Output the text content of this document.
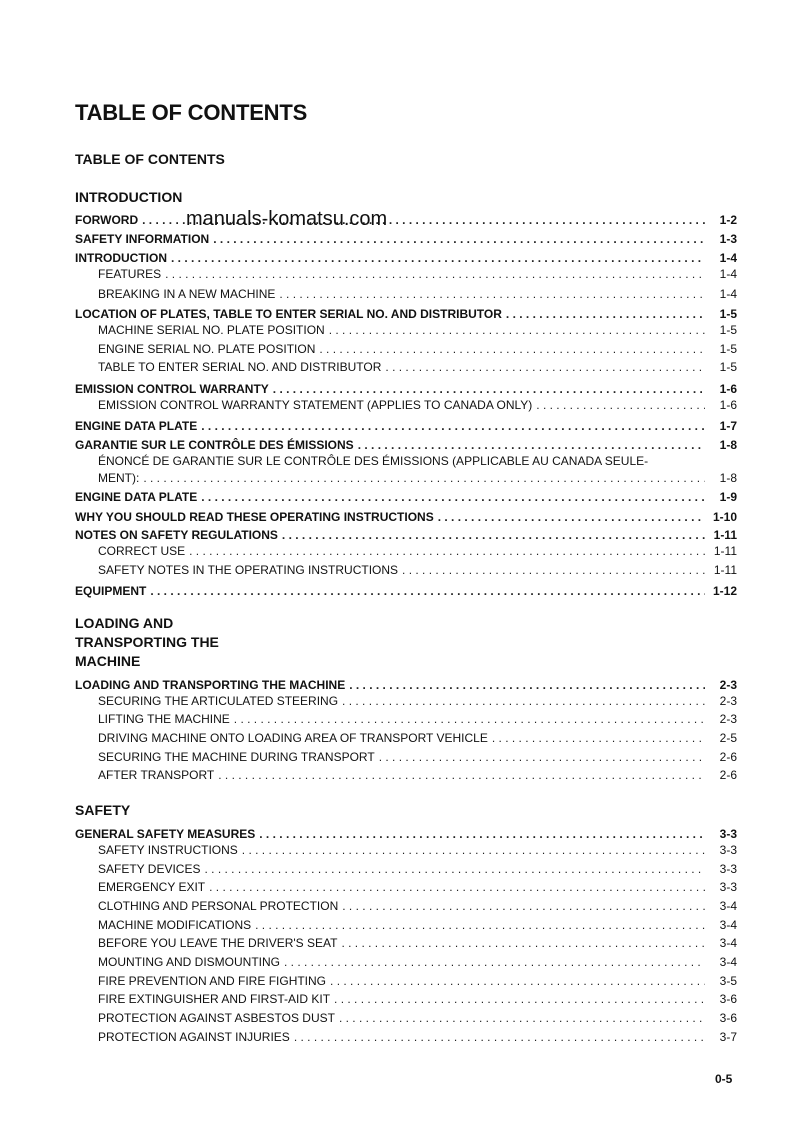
TABLE OF CONTENTS
TABLE OF CONTENTS
INTRODUCTION
FORWORD . . .	1-2
manuals-komatsu.com
SAFETY INFORMATION . . .	1-3
INTRODUCTION . . .	1-4
FEATURES . . .	1-4
BREAKING IN A NEW MACHINE . . .	1-4
LOCATION OF PLATES, TABLE TO ENTER SERIAL NO. AND DISTRIBUTOR . . .	1-5
MACHINE SERIAL NO. PLATE POSITION . . .	1-5
ENGINE SERIAL NO. PLATE POSITION . . .	1-5
TABLE TO ENTER SERIAL NO. AND DISTRIBUTOR . . .	1-5
EMISSION CONTROL WARRANTY . . .	1-6
EMISSION CONTROL WARRANTY STATEMENT (APPLIES TO CANADA ONLY) . . .	1-6
ENGINE DATA PLATE . . .	1-7
GARANTIE SUR LE CONTRÔLE DES ÉMISSIONS . . .	1-8
ÉNONCÉ DE GARANTIE SUR LE CONTRÔLE DES ÉMISSIONS (APPLICABLE AU CANADA SEULE-
MENT): . . .	1-8
ENGINE DATA PLATE . . .	1-9
WHY YOU SHOULD READ THESE OPERATING INSTRUCTIONS . . .	1-10
NOTES ON SAFETY REGULATIONS . . .	1-11
CORRECT USE . . .	1-11
SAFETY NOTES IN THE OPERATING INSTRUCTIONS . . .	1-11
EQUIPMENT . . .	1-12
LOADING AND
TRANSPORTING THE
MACHINE
LOADING AND TRANSPORTING THE MACHINE . . .	2-3
SECURING THE ARTICULATED STEERING . . .	2-3
LIFTING THE MACHINE . . .	2-3
DRIVING MACHINE ONTO LOADING AREA OF TRANSPORT VEHICLE . . .	2-5
SECURING THE MACHINE DURING TRANSPORT . . .	2-6
AFTER TRANSPORT . . .	2-6
SAFETY
GENERAL SAFETY MEASURES . . .	3-3
SAFETY INSTRUCTIONS . . .	3-3
SAFETY DEVICES . . .	3-3
EMERGENCY EXIT . . .	3-3
CLOTHING AND PERSONAL PROTECTION . . .	3-4
MACHINE MODIFICATIONS . . .	3-4
BEFORE YOU LEAVE THE DRIVER'S SEAT . . .	3-4
MOUNTING AND DISMOUNTING . . .	3-4
FIRE PREVENTION AND FIRE FIGHTING . . .	3-5
FIRE EXTINGUISHER AND FIRST-AID KIT . . .	3-6
PROTECTION AGAINST ASBESTOS DUST . . .	3-6
PROTECTION AGAINST INJURIES . . .	3-7
0-5
